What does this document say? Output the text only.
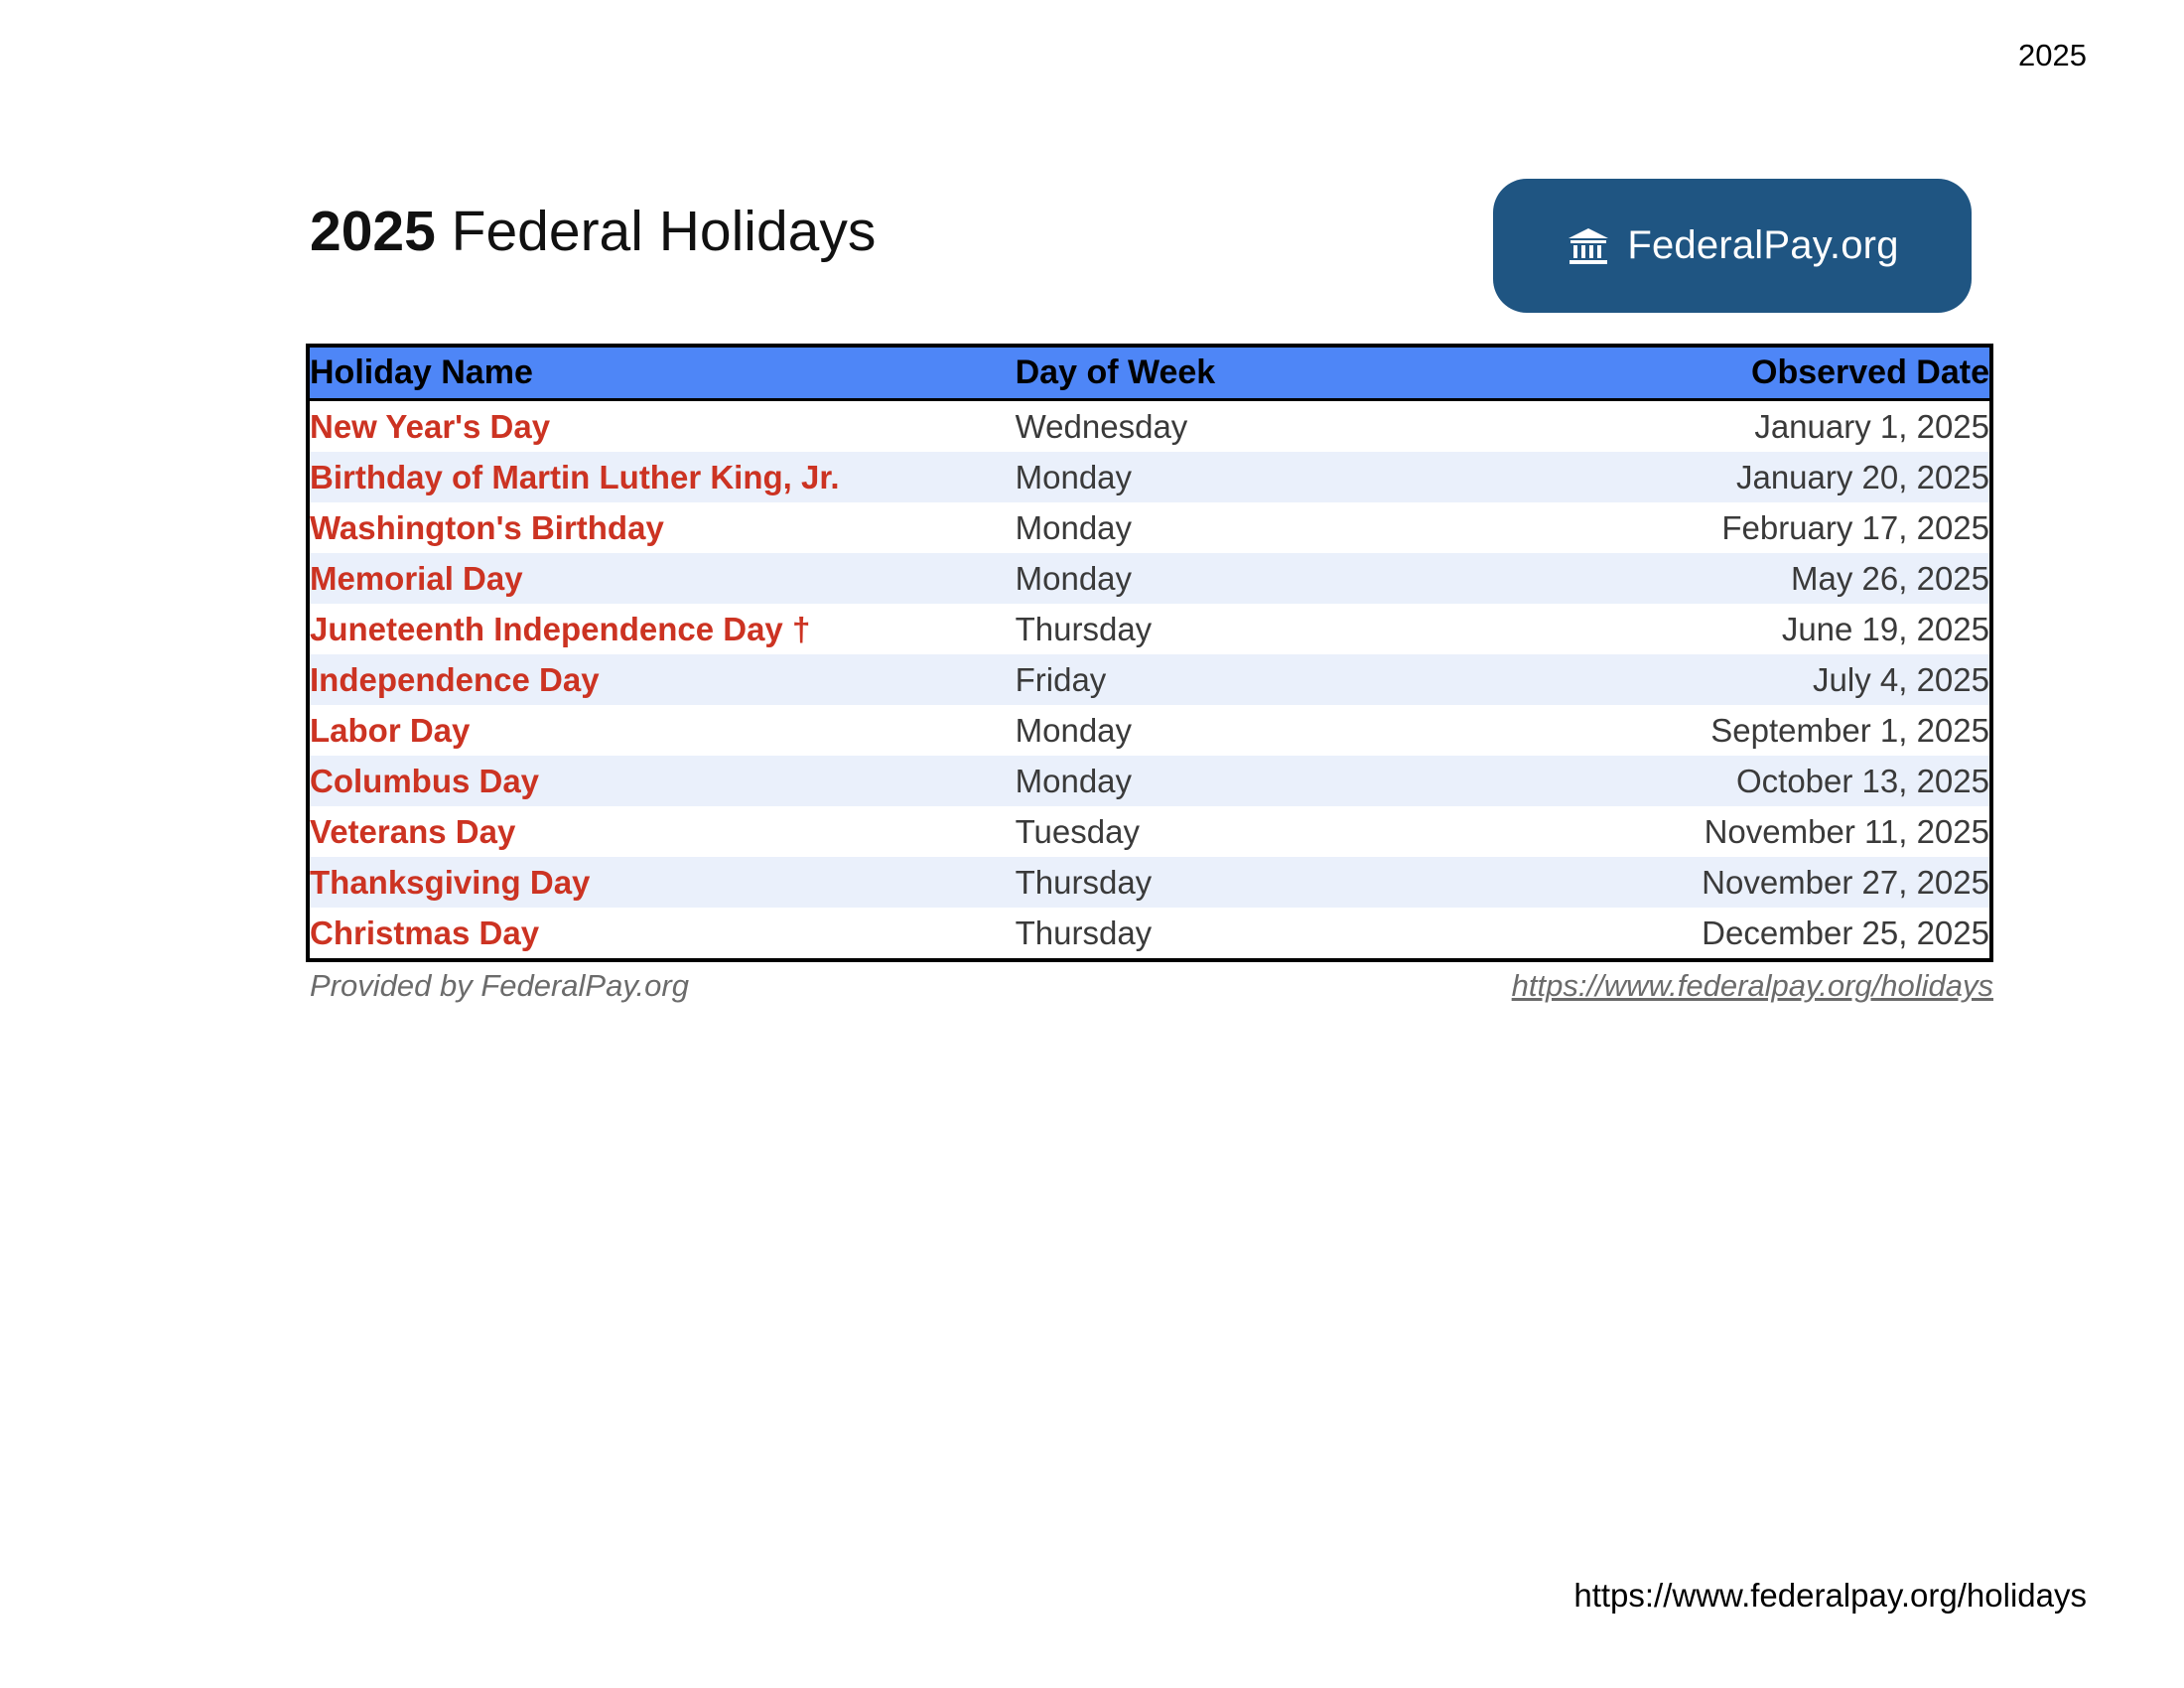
2025
2025 Federal Holidays	FederalPay.org
Holiday Name	Day of Week	Observed Date
New Year's Day	Wednesday	January 1, 2025
Birthday of Martin Luther King, Jr.	Monday	January 20, 2025
Washington's Birthday	Monday	February 17, 2025
Memorial Day	Monday	May 26, 2025
Juneteenth Independence Day †	Thursday	June 19, 2025
Independence Day	Friday	July 4, 2025
Labor Day	Monday	September 1, 2025
Columbus Day	Monday	October 13, 2025
Veterans Day	Tuesday	November 11, 2025
Thanksgiving Day	Thursday	November 27, 2025
Christmas Day	Thursday	December 25, 2025
Provided by FederalPay.org	https://www.federalpay.org/holidays
https://www.federalpay.org/holidays
